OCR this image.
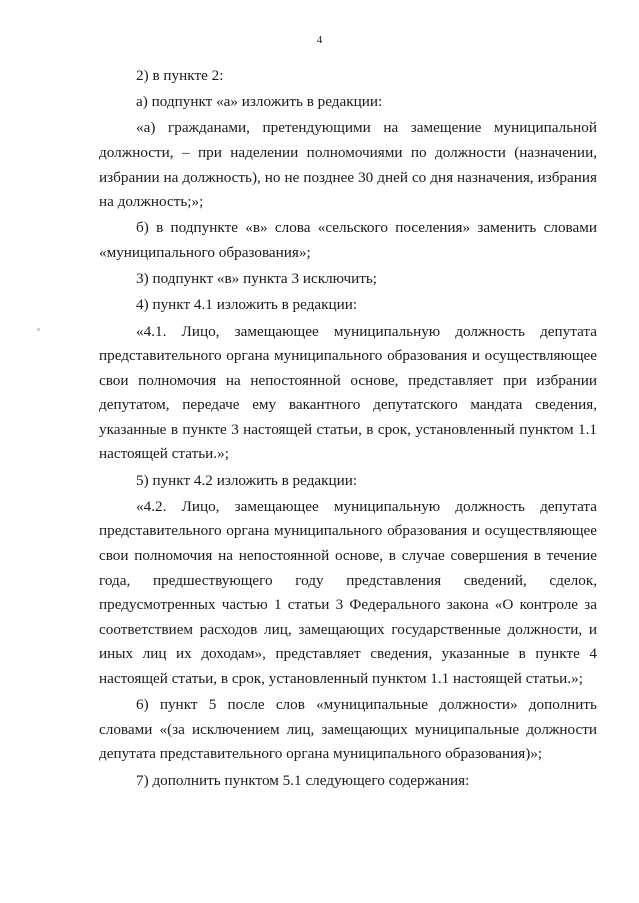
4

2) в пункте 2:

а) подпункт «а» изложить в редакции:

«а) гражданами, претендующими на замещение муниципальной должности, – при наделении полномочиями по должности (назначении, избрании на должность), но не позднее 30 дней со дня назначения, избрания на должность;»;

б) в подпункте «в» слова «сельского поселения» заменить словами «муниципального образования»;

3) подпункт «в» пункта 3 исключить;

4) пункт 4.1 изложить в редакции:

«4.1. Лицо, замещающее муниципальную должность депутата представительного органа муниципального образования и осуществляющее свои полномочия на непостоянной основе, представляет при избрании депутатом, передаче ему вакантного депутатского мандата сведения, указанные в пункте 3 настоящей статьи, в срок, установленный пунктом 1.1 настоящей статьи.»;

5) пункт 4.2 изложить в редакции:

«4.2. Лицо, замещающее муниципальную должность депутата представительного органа муниципального образования и осуществляющее свои полномочия на непостоянной основе, в случае совершения в течение года, предшествующего году представления сведений, сделок, предусмотренных частью 1 статьи 3 Федерального закона «О контроле за соответствием расходов лиц, замещающих государственные должности, и иных лиц их доходам», представляет сведения, указанные в пункте 4 настоящей статьи, в срок, установленный пунктом 1.1 настоящей статьи.»;

6) пункт 5 после слов «муниципальные должности» дополнить словами «(за исключением лиц, замещающих муниципальные должности депутата представительного органа муниципального образования)»;

7) дополнить пунктом 5.1 следующего содержания:
